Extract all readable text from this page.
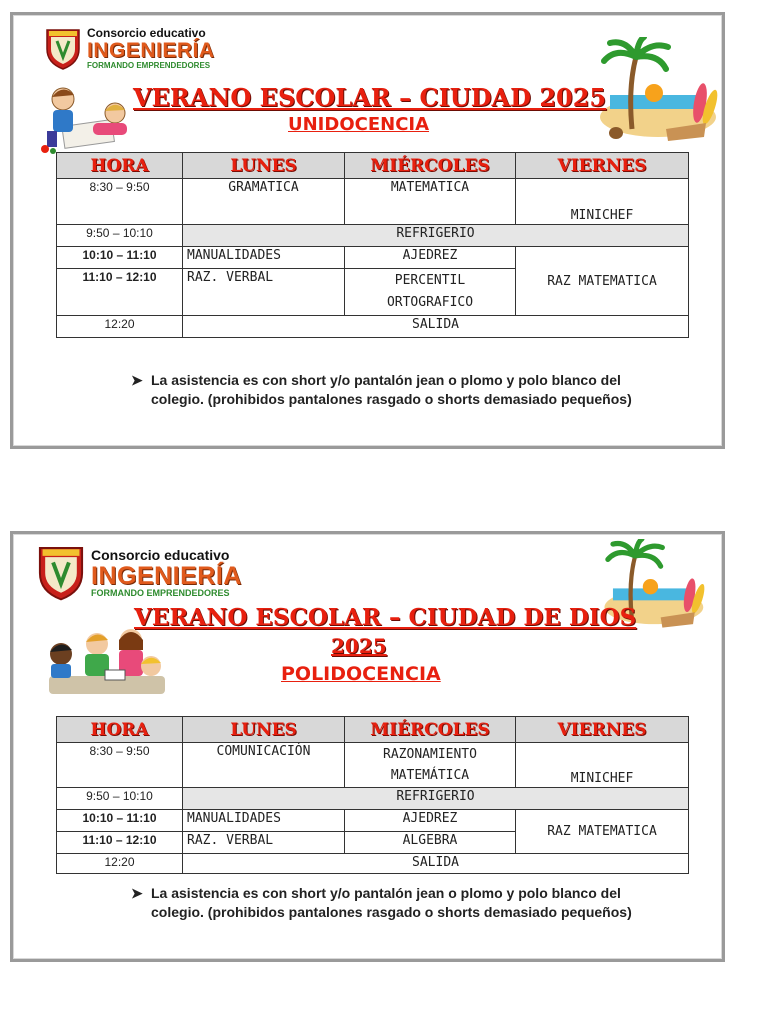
Consorcio educativo
INGENIERÍA
FORMANDO EMPRENDEDORES
VERANO ESCOLAR – CIUDAD 2025
UNIDOCENCIA
HORA	LUNES	MIÉRCOLES	VIERNES
8:30 – 9:50	GRAMATICA	MATEMATICA	MINICHEF
9:50 – 10:10	REFRIGERIO		
10:10 – 11:10	MANUALIDADES	AJEDREZ	RAZ MATEMATICA
11:10 – 12:10	RAZ. VERBAL	PERCENTIL ORTOGRAFICO	
12:20	SALIDA		
➤ La asistencia es con short y/o pantalón jean o plomo y polo blanco del colegio. (prohibidos pantalones rasgado o shorts demasiado pequeños)
Consorcio educativo
INGENIERÍA
FORMANDO EMPRENDEDORES
VERANO ESCOLAR – CIUDAD DE DIOS
2025
POLIDOCENCIA
HORA	LUNES	MIÉRCOLES	VIERNES
8:30 – 9:50	COMUNICACIÓN	RAZONAMIENTO MATEMÁTICA	MINICHEF
9:50 – 10:10	REFRIGERIO		
10:10 – 11:10	MANUALIDADES	AJEDREZ	RAZ MATEMATICA
11:10 – 12:10	RAZ. VERBAL	ALGEBRA	
12:20	SALIDA		
➤ La asistencia es con short y/o pantalón jean o plomo y polo blanco del colegio. (prohibidos pantalones rasgado o shorts demasiado pequeños)
